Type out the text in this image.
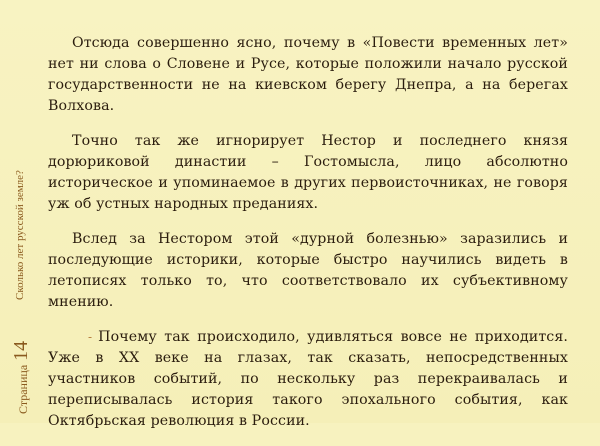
Сколько лет русской земле?
Страница14

Отсюда совершенно ясно, почему в «Повести временных лет» нет ни слова о Словене и Русе, которые положили начало русской государственности не на киевском берегу Днепра, а на берегах Волхова.

Точно так же игнорирует Нестор и последнего князя дорюриковой династии – Гостомысла, лицо абсолютно историческое и упоминаемое в других первоисточниках, не говоря уж об устных народных преданиях.

Вслед за Нестором этой «дурной болезнью» заразились и последующие историки, которые быстро научились видеть в летописях только то, что соответствовало их субъективному мнению.

- Почему так происходило, удивляться вовсе не приходится. Уже в XX веке на глазах, так сказать, непосредственных участников событий, по нескольку раз перекраивалась и переписывалась история такого эпохального события, как Октябрьская революция в России.
